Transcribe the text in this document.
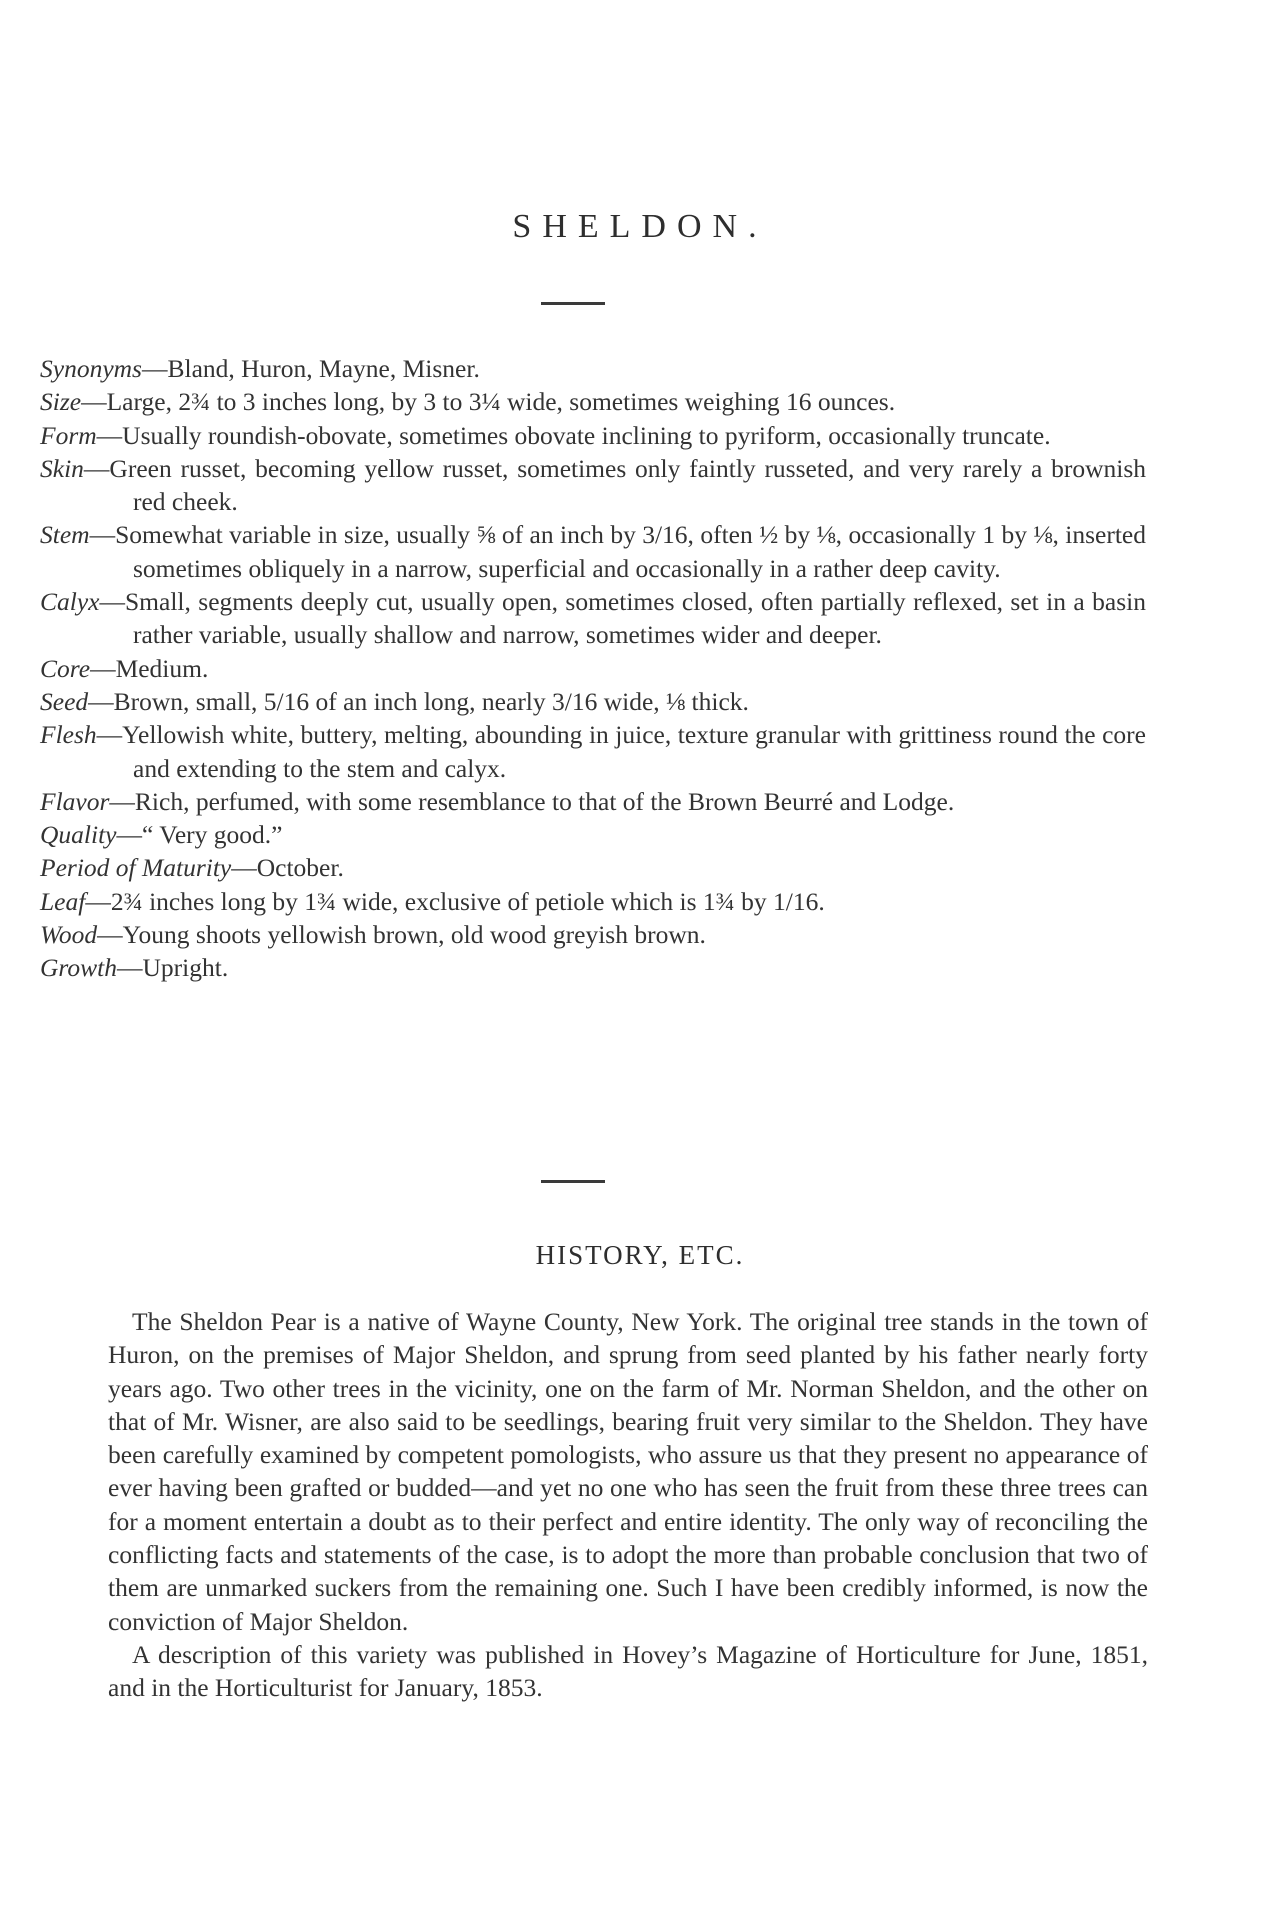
SHELDON.

Synonyms—Bland, Huron, Mayne, Misner.

Size—Large, 2¾ to 3 inches long, by 3 to 3¼ wide, sometimes weighing 16 ounces.

Form—Usually roundish-obovate, sometimes obovate inclining to pyriform, occasionally truncate.

Skin—Green russet, becoming yellow russet, sometimes only faintly russeted, and very rarely a brownish red cheek.

Stem—Somewhat variable in size, usually ⅝ of an inch by 3/16, often ½ by ⅛, occasionally 1 by ⅛, inserted sometimes obliquely in a narrow, superficial and occasionally in a rather deep cavity.

Calyx—Small, segments deeply cut, usually open, sometimes closed, often partially reflexed, set in a basin rather variable, usually shallow and narrow, sometimes wider and deeper.

Core—Medium.

Seed—Brown, small, 5/16 of an inch long, nearly 3/16 wide, ⅛ thick.

Flesh—Yellowish white, buttery, melting, abounding in juice, texture granular with grittiness round the core and extending to the stem and calyx.

Flavor—Rich, perfumed, with some resemblance to that of the Brown Beurré and Lodge.

Quality—“ Very good.”

Period of Maturity—October.

Leaf—2¾ inches long by 1¾ wide, exclusive of petiole which is 1¾ by 1/16.

Wood—Young shoots yellowish brown, old wood greyish brown.

Growth—Upright.

HISTORY, ETC.

The Sheldon Pear is a native of Wayne County, New York. The original tree stands in the town of Huron, on the premises of Major Sheldon, and sprung from seed planted by his father nearly forty years ago. Two other trees in the vicinity, one on the farm of Mr. Norman Sheldon, and the other on that of Mr. Wisner, are also said to be seedlings, bearing fruit very similar to the Sheldon. They have been carefully examined by competent pomologists, who assure us that they present no appearance of ever having been grafted or budded—and yet no one who has seen the fruit from these three trees can for a moment entertain a doubt as to their perfect and entire identity. The only way of reconciling the conflicting facts and statements of the case, is to adopt the more than probable conclusion that two of them are unmarked suckers from the remaining one. Such I have been credibly informed, is now the conviction of Major Sheldon.

A description of this variety was published in Hovey’s Magazine of Horticulture for June, 1851, and in the Horticulturist for January, 1853.
